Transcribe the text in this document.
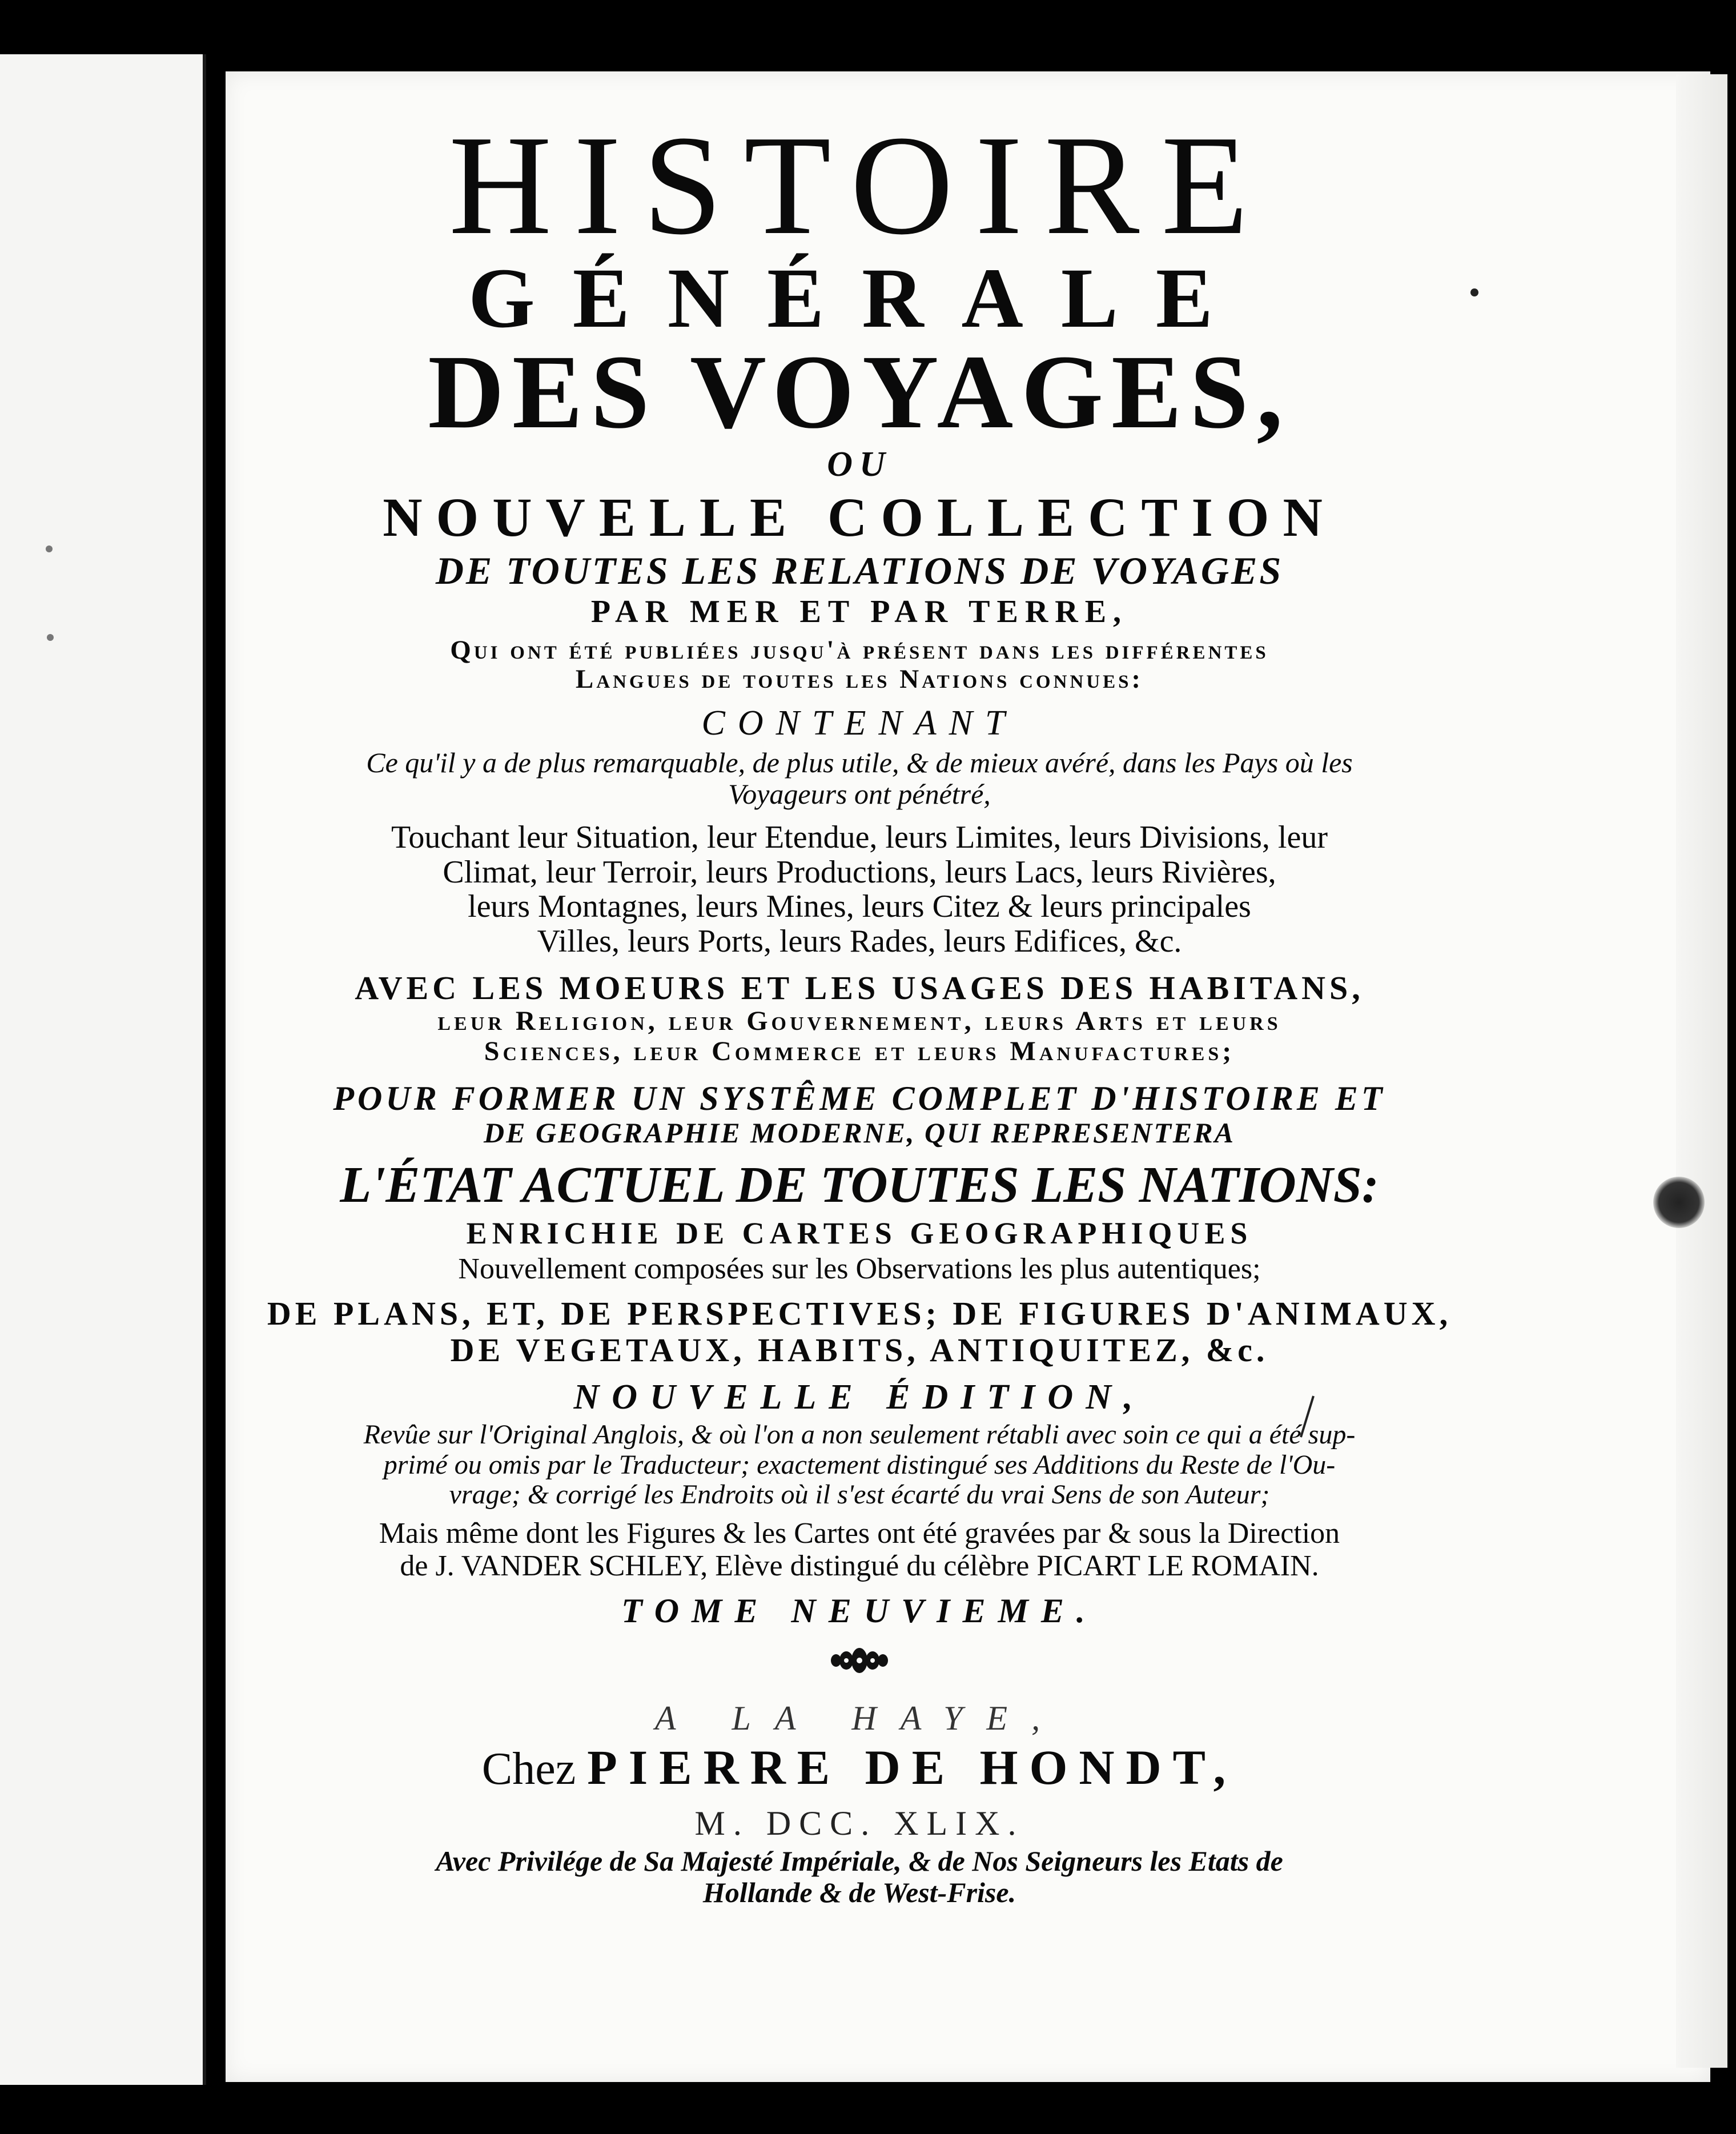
HISTOIRE
GÉNÉRALE
DES VOYAGES,
OU
NOUVELLE COLLECTION
DE TOUTES LES RELATIONS DE VOYAGES
PAR MER ET PAR TERRE,
Qui ont été publiées jusqu'à présent dans les différentes
Langues de toutes les Nations connues:
CONTENANT
Ce qu'il y a de plus remarquable, de plus utile, & de mieux avéré, dans les Pays où les
Voyageurs ont pénétré,
Touchant leur Situation, leur Etendue, leurs Limites, leurs Divisions, leur
Climat, leur Terroir, leurs Productions, leurs Lacs, leurs Rivières,
leurs Montagnes, leurs Mines, leurs Citez & leurs principales
Villes, leurs Ports, leurs Rades, leurs Edifices, &c.
AVEC LES MOEURS ET LES USAGES DES HABITANS,
leur Religion, leur Gouvernement, leurs Arts et leurs
Sciences, leur Commerce et leurs Manufactures;
POUR FORMER UN SYSTÊME COMPLET D'HISTOIRE ET
DE GEOGRAPHIE MODERNE, QUI REPRESENTERA
L'ÉTAT ACTUEL DE TOUTES LES NATIONS:
ENRICHIE DE CARTES GEOGRAPHIQUES
Nouvellement composées sur les Observations les plus autentiques;
DE PLANS, ET, DE PERSPECTIVES; DE FIGURES D'ANIMAUX,
DE VEGETAUX, HABITS, ANTIQUITEZ, &c.
NOUVELLE ÉDITION,
Revûe sur l'Original Anglois, & où l'on a non seulement rétabli avec soin ce qui a été sup-
primé ou omis par le Traducteur; exactement distingué ses Additions du Reste de l'Ou-
vrage; & corrigé les Endroits où il s'est écarté du vrai Sens de son Auteur;
Mais même dont les Figures & les Cartes ont été gravées par & sous la Direction
de J. VANDER SCHLEY, Elève distingué du célèbre PICART LE ROMAIN.
TOME NEUVIEME.
A LA HAYE,
Chez PIERRE DE HONDT,
M. DCC. XLIX.
Avec Privilége de Sa Majesté Impériale, & de Nos Seigneurs les Etats de
Hollande & de West-Frise.
